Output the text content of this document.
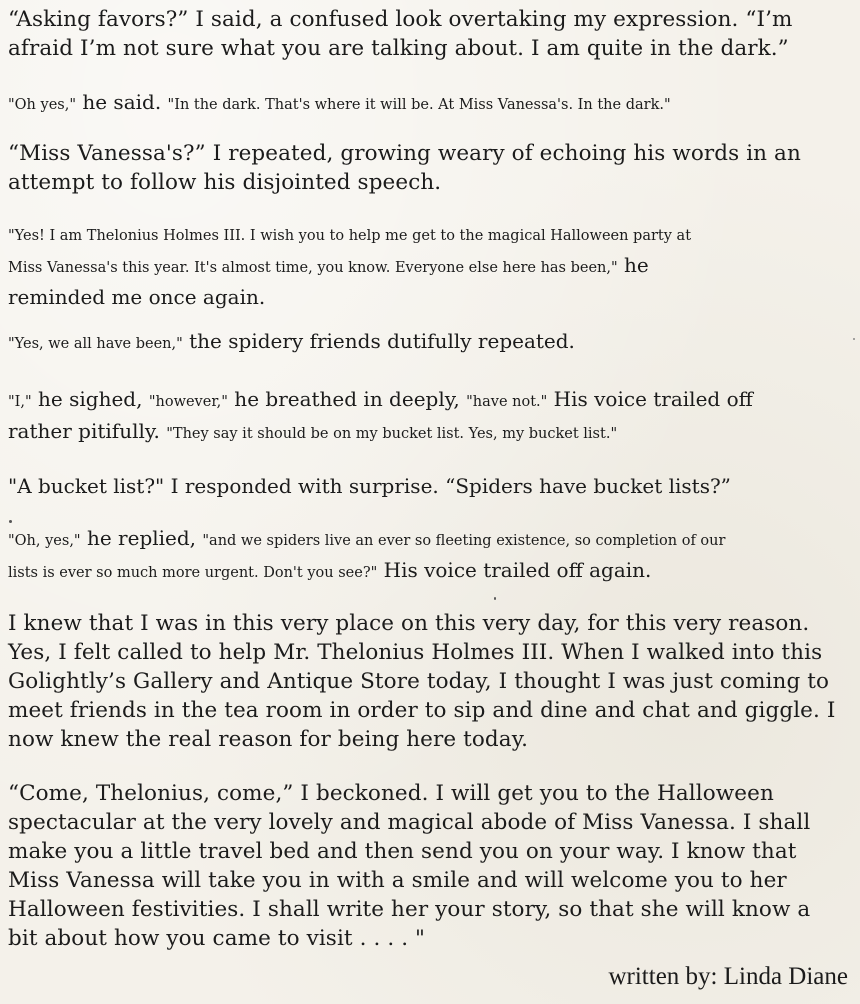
“Asking favors?” I said, a confused look overtaking my expression. “I’m
afraid I’m not sure what you are talking about. I am quite in the dark.”
"Oh yes," he said. "In the dark. That's where it will be. At Miss Vanessa's. In the dark."
“Miss Vanessa's?” I repeated, growing weary of echoing his words in an
attempt to follow his disjointed speech.
"Yes! I am Thelonius Holmes III. I wish you to help me get to the magical Halloween party at
Miss Vanessa's this year. It's almost time, you know. Everyone else here has been," he
reminded me once again.
"Yes, we all have been," the spidery friends dutifully repeated.
"I," he sighed, "however," he breathed in deeply, "have not." His voice trailed off
rather pitifully. "They say it should be on my bucket list. Yes, my bucket list."
"A bucket list?" I responded with surprise. “Spiders have bucket lists?”
"Oh, yes," he replied, "and we spiders live an ever so fleeting existence, so completion of our
lists is ever so much more urgent. Don't you see?" His voice trailed off again.
I knew that I was in this very place on this very day, for this very reason.
Yes, I felt called to help Mr. Thelonius Holmes III. When I walked into this
Golightly’s Gallery and Antique Store today, I thought I was just coming to
meet friends in the tea room in order to sip and dine and chat and giggle. I
now knew the real reason for being here today.
“Come, Thelonius, come,” I beckoned. I will get you to the Halloween
spectacular at the very lovely and magical abode of Miss Vanessa. I shall
make you a little travel bed and then send you on your way. I know that
Miss Vanessa will take you in with a smile and will welcome you to her
Halloween festivities. I shall write her your story, so that she will know a
bit about how you came to visit . . . . "
written by: Linda Diane
